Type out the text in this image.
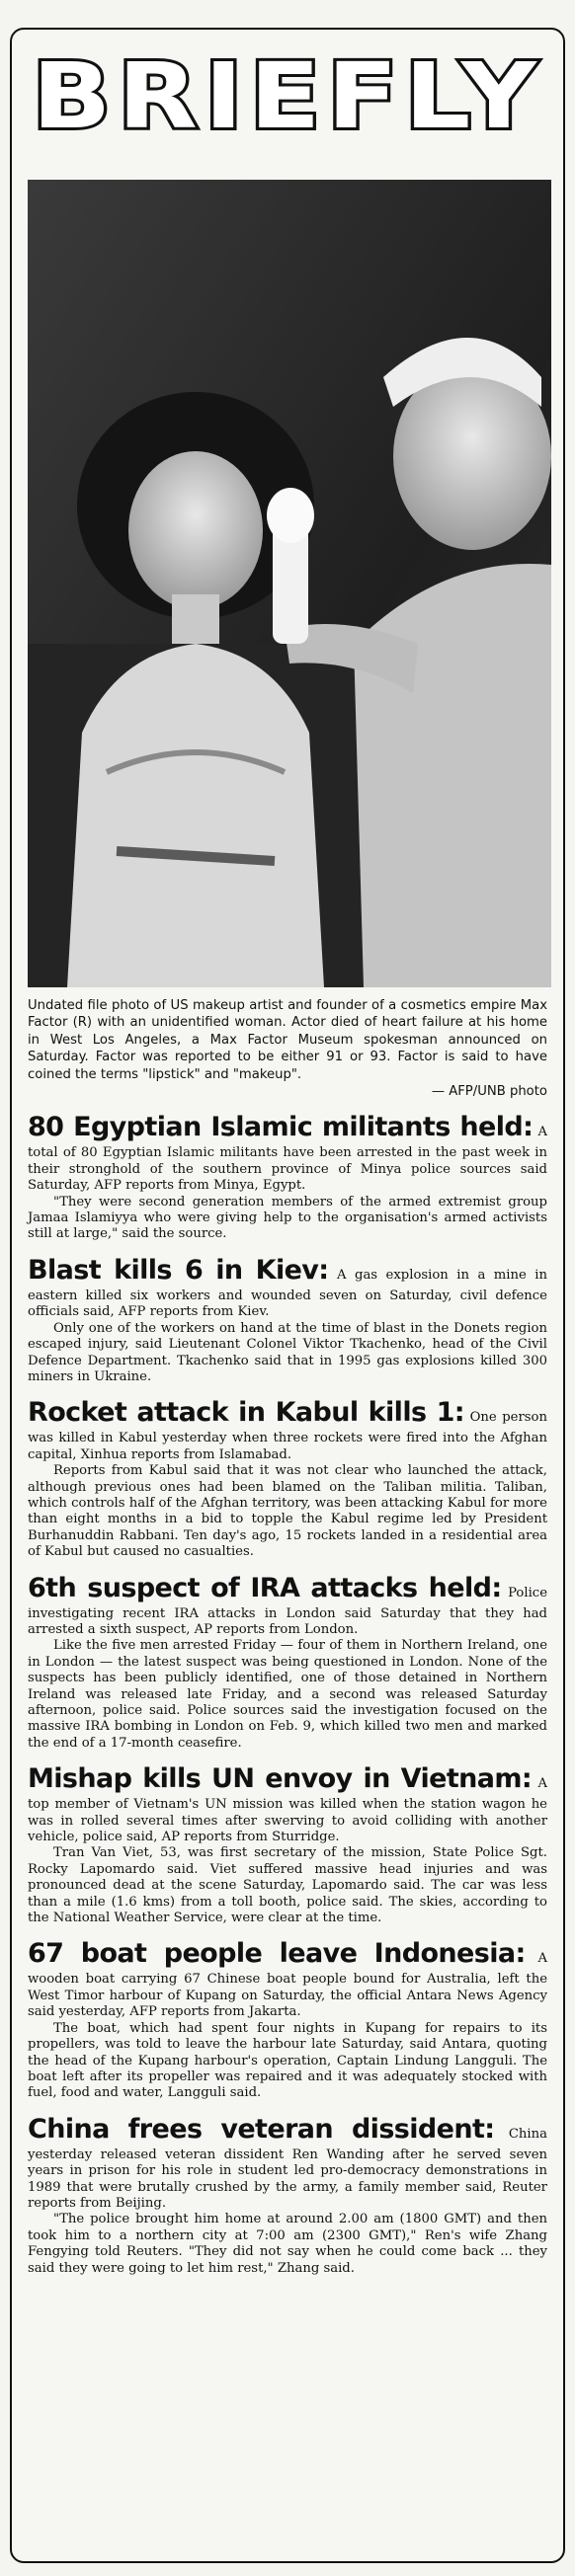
BRIEFLY
Undated file photo of US makeup artist and founder of a cosmetics empire Max Factor (R) with an unidentified woman. Actor died of heart failure at his home in West Los Angeles, a Max Factor Museum spokesman announced on Saturday. Factor was reported to be either 91 or 93. Factor is said to have coined the terms "lipstick" and "makeup".
— AFP/UNB photo
80 Egyptian Islamic militants held: A total of 80 Egyptian Islamic militants have been arrested in the past week in their stronghold of the southern province of Minya police sources said Saturday, AFP reports from Minya, Egypt.

"They were second generation members of the armed extremist group Jamaa Islamiyya who were giving help to the organisation's armed activists still at large," said the source.

Blast kills 6 in Kiev: A gas explosion in a mine in eastern killed six workers and wounded seven on Saturday, civil defence officials said, AFP reports from Kiev.

Only one of the workers on hand at the time of blast in the Donets region escaped injury, said Lieutenant Colonel Viktor Tkachenko, head of the Civil Defence Department. Tkachenko said that in 1995 gas explosions killed 300 miners in Ukraine.

Rocket attack in Kabul kills 1: One person was killed in Kabul yesterday when three rockets were fired into the Afghan capital, Xinhua reports from Islamabad.

Reports from Kabul said that it was not clear who launched the attack, although previous ones had been blamed on the Taliban militia. Taliban, which controls half of the Afghan territory, was been attacking Kabul for more than eight months in a bid to topple the Kabul regime led by President Burhanuddin Rabbani. Ten day's ago, 15 rockets landed in a residential area of Kabul but caused no casualties.

6th suspect of IRA attacks held: Police investigating recent IRA attacks in London said Saturday that they had arrested a sixth suspect, AP reports from London.

Like the five men arrested Friday — four of them in Northern Ireland, one in London — the latest suspect was being questioned in London. None of the suspects has been publicly identified, one of those detained in Northern Ireland was released late Friday, and a second was released Saturday afternoon, police said. Police sources said the investigation focused on the massive IRA bombing in London on Feb. 9, which killed two men and marked the end of a 17-month ceasefire.

Mishap kills UN envoy in Vietnam: A top member of Vietnam's UN mission was killed when the station wagon he was in rolled several times after swerving to avoid colliding with another vehicle, police said, AP reports from Sturridge.

Tran Van Viet, 53, was first secretary of the mission, State Police Sgt. Rocky Lapomardo said. Viet suffered massive head injuries and was pronounced dead at the scene Saturday, Lapomardo said. The car was less than a mile (1.6 kms) from a toll booth, police said. The skies, according to the National Weather Service, were clear at the time.

67 boat people leave Indonesia: A wooden boat carrying 67 Chinese boat people bound for Australia, left the West Timor harbour of Kupang on Saturday, the official Antara News Agency said yesterday, AFP reports from Jakarta.

The boat, which had spent four nights in Kupang for repairs to its propellers, was told to leave the harbour late Saturday, said Antara, quoting the head of the Kupang harbour's operation, Captain Lindung Langguli. The boat left after its propeller was repaired and it was adequately stocked with fuel, food and water, Langguli said.

China frees veteran dissident: China yesterday released veteran dissident Ren Wanding after he served seven years in prison for his role in student led pro-democracy demonstrations in 1989 that were brutally crushed by the army, a family member said, Reuter reports from Beijing.

"The police brought him home at around 2.00 am (1800 GMT) and then took him to a northern city at 7:00 am (2300 GMT)," Ren's wife Zhang Fengying told Reuters. "They did not say when he could come back ... they said they were going to let him rest," Zhang said.
